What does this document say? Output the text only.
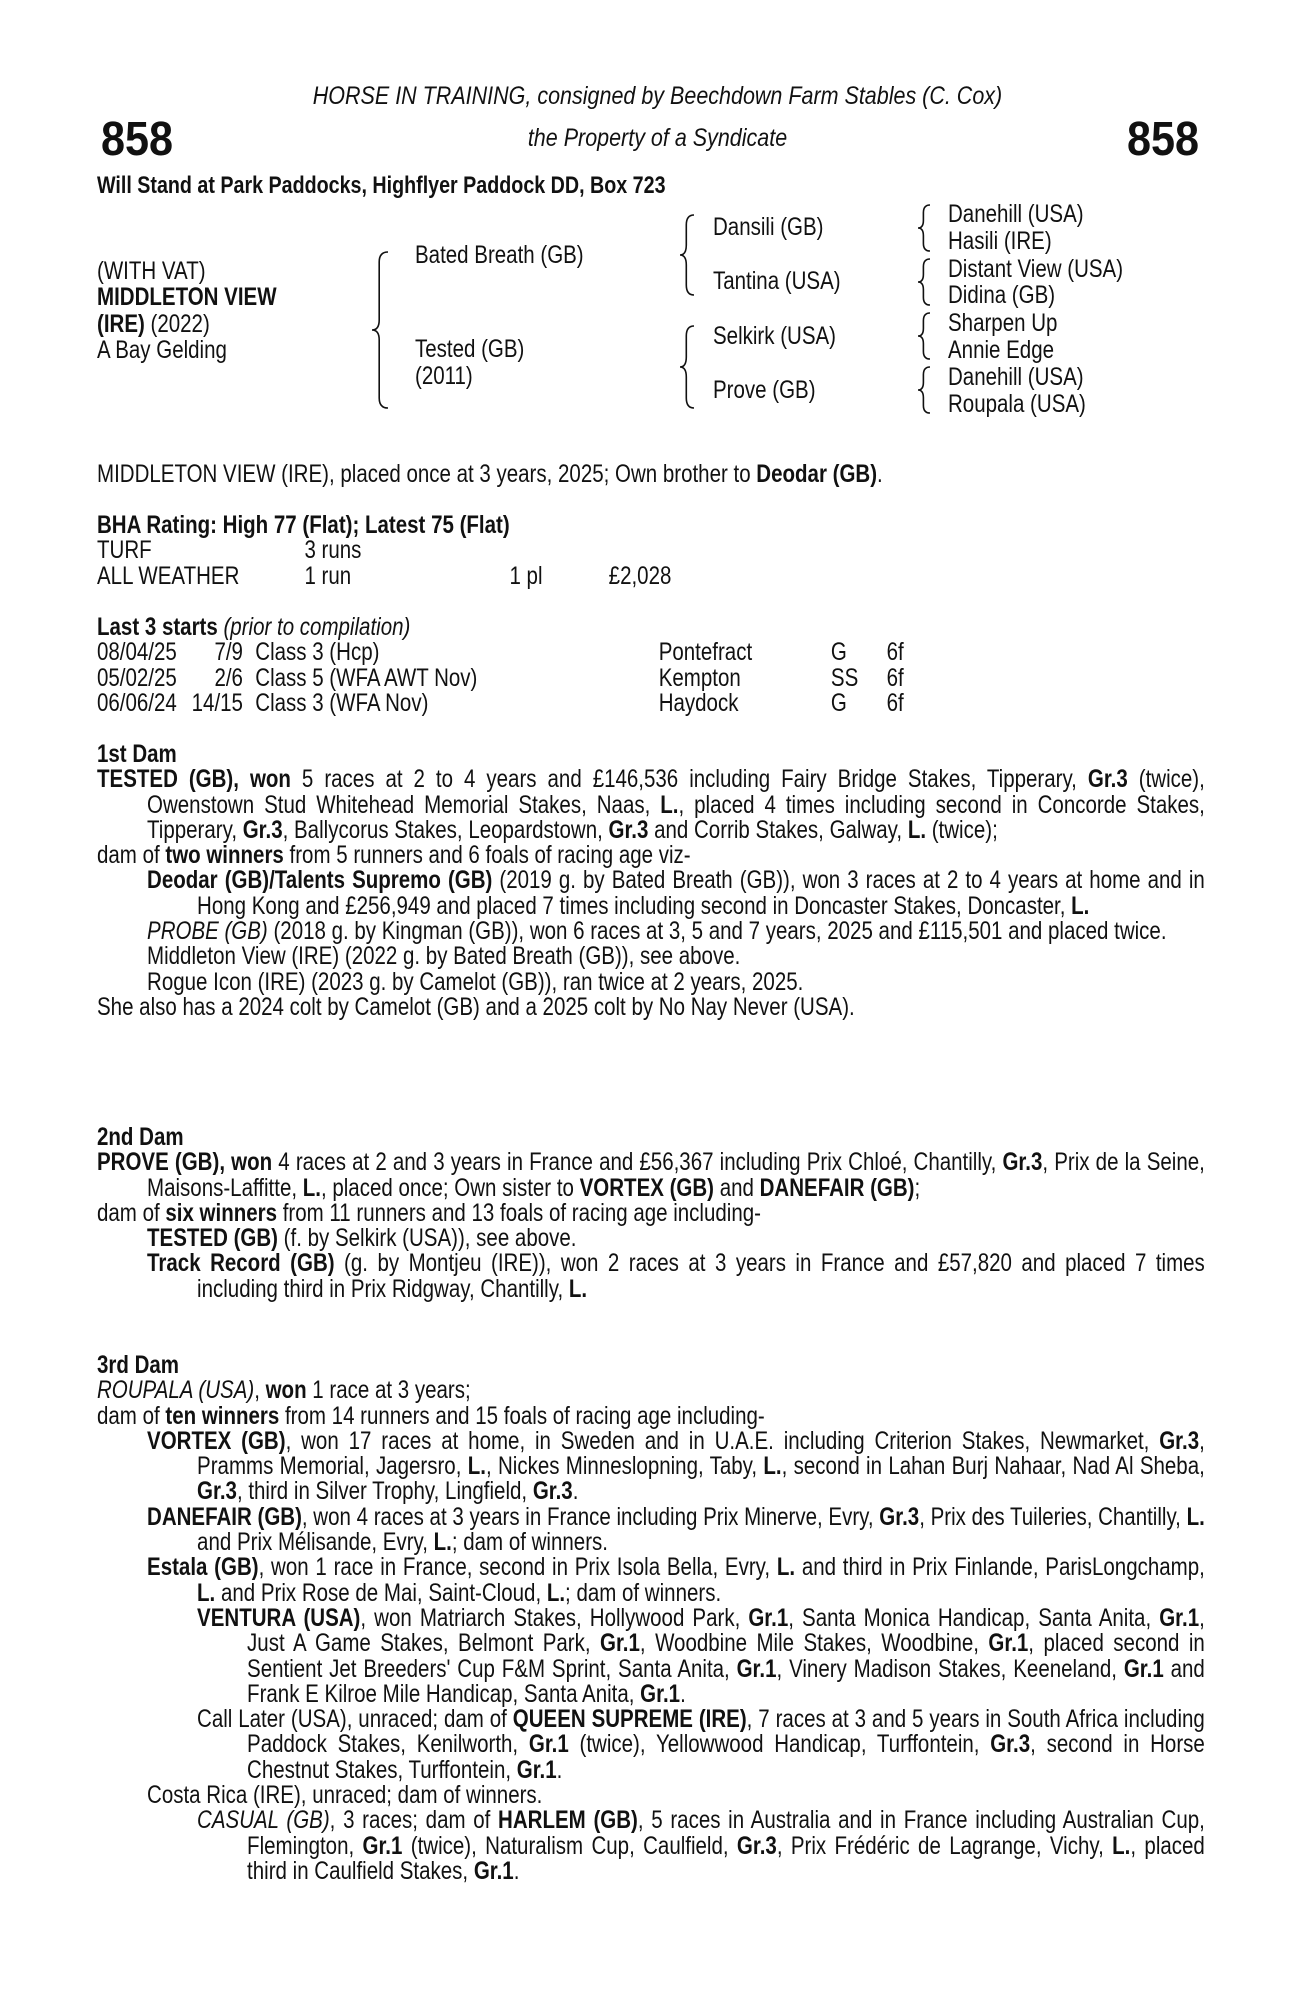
HORSE IN TRAINING, consigned by Beechdown Farm Stables (C. Cox)
858	858
the Property of a Syndicate
Will Stand at Park Paddocks, Highflyer Paddock DD, Box 723
(WITH VAT)
MIDDLETON VIEW
(IRE) (2022)
A Bay Gelding
Bated Breath (GB)
Tested (GB)
(2011)
Dansili (GB)
Tantina (USA)
Selkirk (USA)
Prove (GB)
Danehill (USA)
Hasili (IRE)
Distant View (USA)
Didina (GB)
Sharpen Up
Annie Edge
Danehill (USA)
Roupala (USA)
MIDDLETON VIEW (IRE), placed once at 3 years, 2025; Own brother to Deodar (GB).
BHA Rating: High 77 (Flat); Latest 75 (Flat)
TURF	3 runs
ALL WEATHER	1 run	1 pl	£2,028
Last 3 starts (prior to compilation)
08/04/25 7/9 Class 3 (Hcp)	Pontefract	G 6f
05/02/25 2/6 Class 5 (WFA AWT Nov)	Kempton	SS 6f
06/06/24 14/15 Class 3 (WFA Nov)	Haydock	G 6f
1st Dam
TESTED (GB), won 5 races at 2 to 4 years and £146,536 including Fairy Bridge Stakes, Tipperary, Gr.3 (twice), Owenstown Stud Whitehead Memorial Stakes, Naas, L., placed 4 times including second in Concorde Stakes, Tipperary, Gr.3, Ballycorus Stakes, Leopardstown, Gr.3 and Corrib Stakes, Galway, L. (twice);
dam of two winners from 5 runners and 6 foals of racing age viz-
Deodar (GB)/Talents Supremo (GB) (2019 g. by Bated Breath (GB)), won 3 races at 2 to 4 years at home and in Hong Kong and £256,949 and placed 7 times including second in Doncaster Stakes, Doncaster, L.
PROBE (GB) (2018 g. by Kingman (GB)), won 6 races at 3, 5 and 7 years, 2025 and £115,501 and placed twice.
Middleton View (IRE) (2022 g. by Bated Breath (GB)), see above.
Rogue Icon (IRE) (2023 g. by Camelot (GB)), ran twice at 2 years, 2025.
She also has a 2024 colt by Camelot (GB) and a 2025 colt by No Nay Never (USA).
2nd Dam
PROVE (GB), won 4 races at 2 and 3 years in France and £56,367 including Prix Chloé, Chantilly, Gr.3, Prix de la Seine, Maisons-Laffitte, L., placed once; Own sister to VORTEX (GB) and DANEFAIR (GB);
dam of six winners from 11 runners and 13 foals of racing age including-
TESTED (GB) (f. by Selkirk (USA)), see above.
Track Record (GB) (g. by Montjeu (IRE)), won 2 races at 3 years in France and £57,820 and placed 7 times including third in Prix Ridgway, Chantilly, L.
3rd Dam
ROUPALA (USA), won 1 race at 3 years;
dam of ten winners from 14 runners and 15 foals of racing age including-
VORTEX (GB), won 17 races at home, in Sweden and in U.A.E. including Criterion Stakes, Newmarket, Gr.3, Pramms Memorial, Jagersro, L., Nickes Minneslopning, Taby, L., second in Lahan Burj Nahaar, Nad Al Sheba, Gr.3, third in Silver Trophy, Lingfield, Gr.3.
DANEFAIR (GB), won 4 races at 3 years in France including Prix Minerve, Evry, Gr.3, Prix des Tuileries, Chantilly, L. and Prix Mélisande, Evry, L.; dam of winners.
Estala (GB), won 1 race in France, second in Prix Isola Bella, Evry, L. and third in Prix Finlande, ParisLongchamp, L. and Prix Rose de Mai, Saint-Cloud, L.; dam of winners.
VENTURA (USA), won Matriarch Stakes, Hollywood Park, Gr.1, Santa Monica Handicap, Santa Anita, Gr.1, Just A Game Stakes, Belmont Park, Gr.1, Woodbine Mile Stakes, Woodbine, Gr.1, placed second in Sentient Jet Breeders' Cup F&M Sprint, Santa Anita, Gr.1, Vinery Madison Stakes, Keeneland, Gr.1 and Frank E Kilroe Mile Handicap, Santa Anita, Gr.1.
Call Later (USA), unraced; dam of QUEEN SUPREME (IRE), 7 races at 3 and 5 years in South Africa including Paddock Stakes, Kenilworth, Gr.1 (twice), Yellowwood Handicap, Turffontein, Gr.3, second in Horse Chestnut Stakes, Turffontein, Gr.1.
Costa Rica (IRE), unraced; dam of winners.
CASUAL (GB), 3 races; dam of HARLEM (GB), 5 races in Australia and in France including Australian Cup, Flemington, Gr.1 (twice), Naturalism Cup, Caulfield, Gr.3, Prix Frédéric de Lagrange, Vichy, L., placed third in Caulfield Stakes, Gr.1.
